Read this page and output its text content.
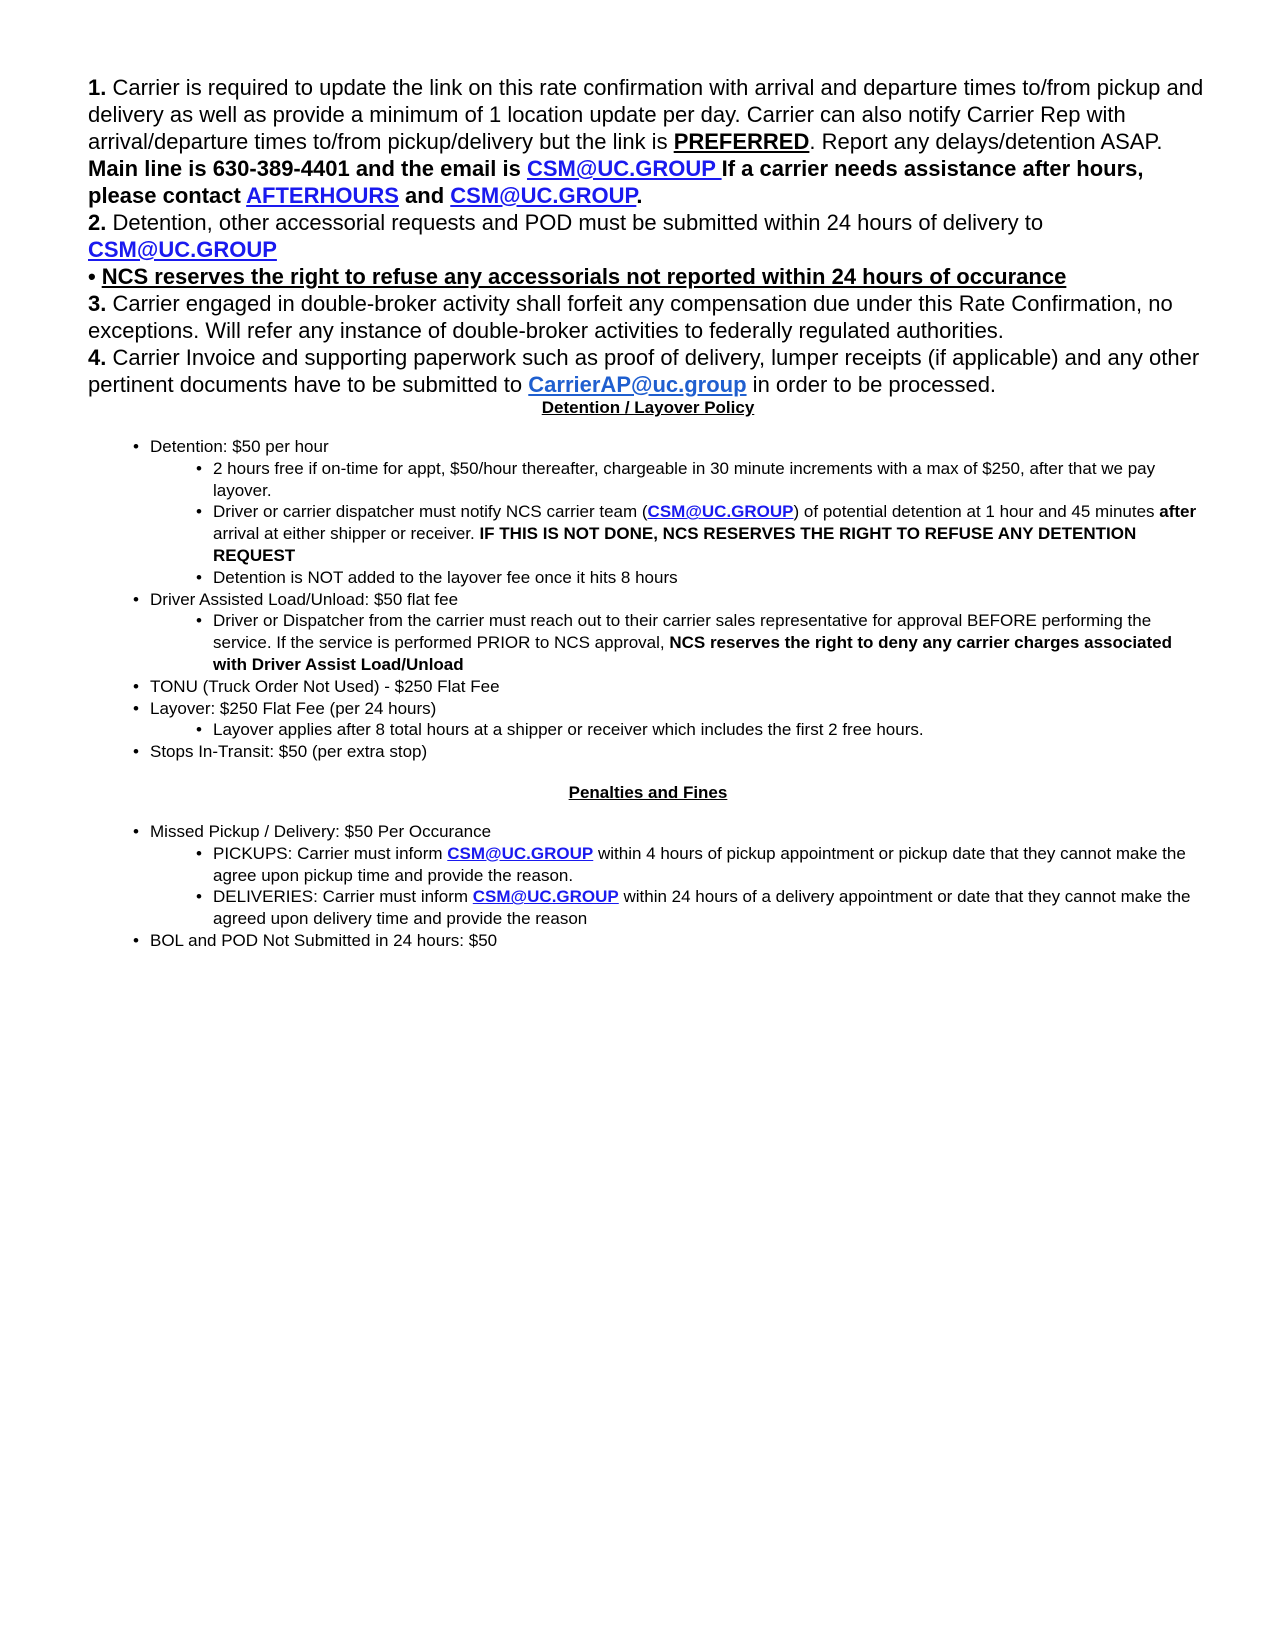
1. Carrier is required to update the link on this rate confirmation with arrival and departure times to/from pickup and delivery as well as provide a minimum of 1 location update per day. Carrier can also notify Carrier Rep with arrival/departure times to/from pickup/delivery but the link is PREFERRED. Report any delays/detention ASAP. Main line is 630-389-4401 and the email is CSM@UC.GROUP If a carrier needs assistance after hours, please contact AFTERHOURS and CSM@UC.GROUP.

2. Detention, other accessorial requests and POD must be submitted within 24 hours of delivery to CSM@UC.GROUP

• NCS reserves the right to refuse any accessorials not reported within 24 hours of occurance

3. Carrier engaged in double-broker activity shall forfeit any compensation due under this Rate Confirmation, no exceptions. Will refer any instance of double-broker activities to federally regulated authorities.

4. Carrier Invoice and supporting paperwork such as proof of delivery, lumper receipts (if applicable) and any other pertinent documents have to be submitted to CarrierAP@uc.group in order to be processed.

Detention / Layover Policy

• Detention: $50 per hour
• 2 hours free if on-time for appt, $50/hour thereafter, chargeable in 30 minute increments with a max of $250, after that we pay layover.
• Driver or carrier dispatcher must notify NCS carrier team (CSM@UC.GROUP) of potential detention at 1 hour and 45 minutes after arrival at either shipper or receiver. IF THIS IS NOT DONE, NCS RESERVES THE RIGHT TO REFUSE ANY DETENTION REQUEST
• Detention is NOT added to the layover fee once it hits 8 hours
• Driver Assisted Load/Unload: $50 flat fee
• Driver or Dispatcher from the carrier must reach out to their carrier sales representative for approval BEFORE performing the service. If the service is performed PRIOR to NCS approval, NCS reserves the right to deny any carrier charges associated with Driver Assist Load/Unload
• TONU (Truck Order Not Used) - $250 Flat Fee
• Layover: $250 Flat Fee (per 24 hours)
• Layover applies after 8 total hours at a shipper or receiver which includes the first 2 free hours.
• Stops In-Transit: $50 (per extra stop)

Penalties and Fines

• Missed Pickup / Delivery: $50 Per Occurance
• PICKUPS: Carrier must inform CSM@UC.GROUP within 4 hours of pickup appointment or pickup date that they cannot make the agree upon pickup time and provide the reason.
• DELIVERIES: Carrier must inform CSM@UC.GROUP within 24 hours of a delivery appointment or date that they cannot make the agreed upon delivery time and provide the reason
• BOL and POD Not Submitted in 24 hours: $50
